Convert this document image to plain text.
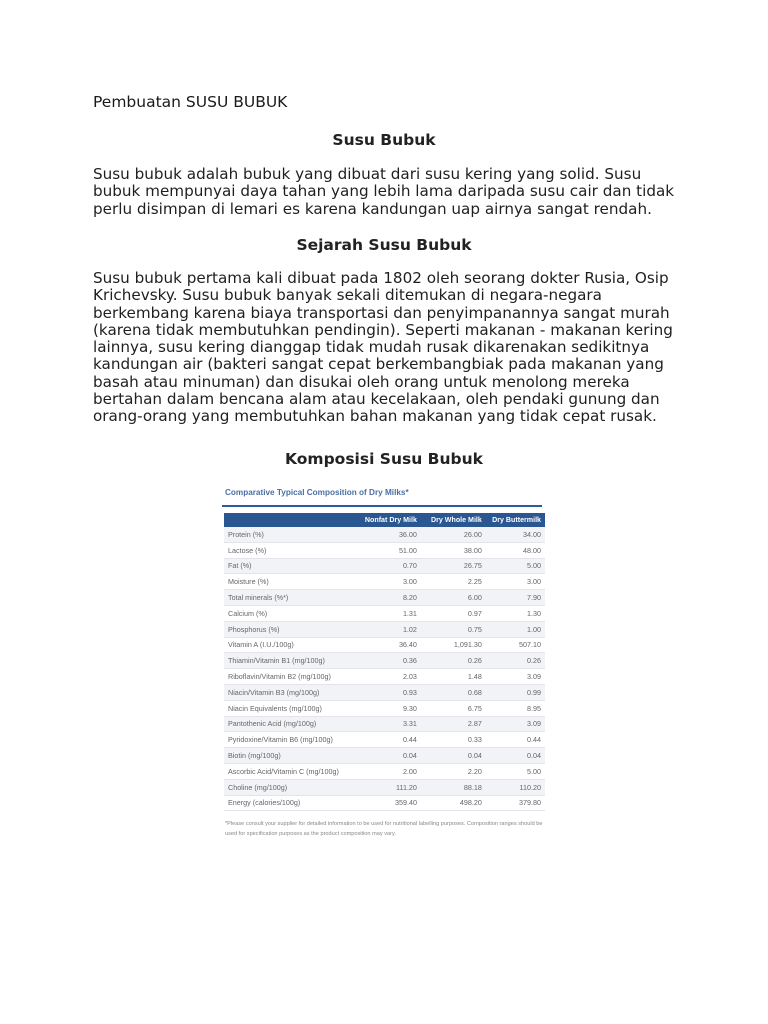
Pembuatan SUSU BUBUK
Susu Bubuk

Susu bubuk adalah bubuk yang dibuat dari susu kering yang solid. Susu bubuk mempunyai daya tahan yang lebih lama daripada susu cair dan tidak perlu disimpan di lemari es karena kandungan uap airnya sangat rendah.

Sejarah Susu Bubuk

Susu bubuk pertama kali dibuat pada 1802 oleh seorang dokter Rusia, Osip Krichevsky. Susu bubuk banyak sekali ditemukan di negara-negara berkembang karena biaya transportasi dan penyimpanannya sangat murah (karena tidak membutuhkan pendingin). Seperti makanan - makanan kering lainnya, susu kering dianggap tidak mudah rusak dikarenakan sedikitnya kandungan air (bakteri sangat cepat berkembangbiak pada makanan yang basah atau minuman) dan disukai oleh orang untuk menolong mereka bertahan dalam bencana alam atau kecelakaan, oleh pendaki gunung dan orang-orang yang membutuhkan bahan makanan yang tidak cepat rusak.

Komposisi Susu Bubuk

Comparative Typical Composition of Dry Milks*

	Nonfat Dry Milk	Dry Whole Milk	Dry Buttermilk
Protein (%)	36.00	26.00	34.00
Lactose (%)	51.00	38.00	48.00
Fat (%)	0.70	26.75	5.00
Moisture (%)	3.00	2.25	3.00
Total minerals (%*)	8.20	6.00	7.90
Calcium (%)	1.31	0.97	1.30
Phosphorus (%)	1.02	0.75	1.00
Vitamin A (I.U./100g)	36.40	1,091.30	507.10
Thiamin/Vitamin B1 (mg/100g)	0.36	0.26	0.26
Riboflavin/Vitamin B2 (mg/100g)	2.03	1.48	3.09
Niacin/Vitamin B3 (mg/100g)	0.93	0.68	0.99
Niacin Equivalents (mg/100g)	9.30	6.75	8.95
Pantothenic Acid (mg/100g)	3.31	2.87	3.09
Pyridoxine/Vitamin B6 (mg/100g)	0.44	0.33	0.44
Biotin (mg/100g)	0.04	0.04	0.04
Ascorbic Acid/Vitamin C (mg/100g)	2.00	2.20	5.00
Choline (mg/100g)	111.20	88.18	110.20
Energy (calories/100g)	359.40	498.20	379.80

*Please consult your supplier for detailed information to be used for nutritional labelling purposes. Composition ranges should be used for specification purposes as the product composition may vary.
